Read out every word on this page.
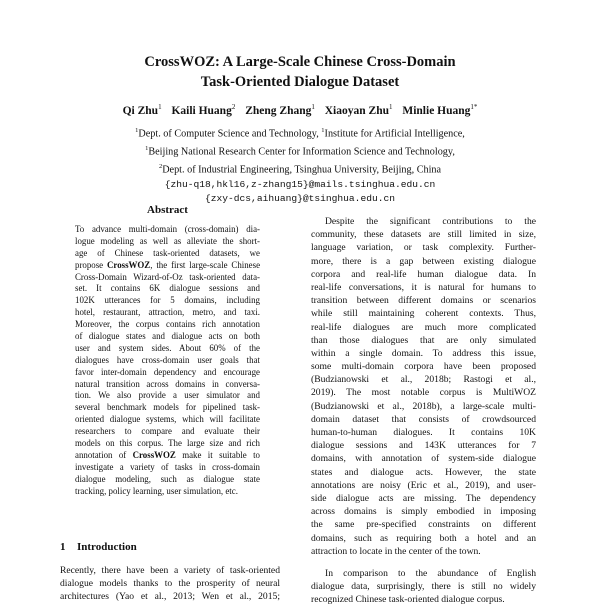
CrossWOZ: A Large-Scale Chinese Cross-Domain
Task-Oriented Dialogue Dataset
Qi Zhu$^1$ Kaili Huang$^2$ Zheng Zhang$^1$ Xiaoyan Zhu$^1$ Minlie Huang$^{1*}$
$^1$Dept. of Computer Science and Technology, $^1$Institute for Artificial Intelligence,
$^1$Beijing National Research Center for Information Science and Technology,
$^2$Dept. of Industrial Engineering, Tsinghua University, Beijing, China
{zhu-q18,hkl16,z-zhang15}@mails.tsinghua.edu.cn
{zxy-dcs,aihuang}@tsinghua.edu.cn
Abstract
To advance multi-domain (cross-domain) dia-
logue modeling as well as alleviate the short-
age of Chinese task-oriented datasets, we
propose CrossWOZ, the first large-scale Chinese
Cross-Domain Wizard-of-Oz task-oriented data-
set. It contains 6K dialogue sessions and
102K utterances for 5 domains, including
hotel, restaurant, attraction, metro, and taxi.
Moreover, the corpus contains rich annotation
of dialogue states and dialogue acts on both
user and system sides. About 60% of the
dialogues have cross-domain user goals that
favor inter-domain dependency and encourage
natural transition across domains in conversa-
tion. We also provide a user simulator and
several benchmark models for pipelined task-
oriented dialogue systems, which will facilitate
researchers to compare and evaluate their
models on this corpus. The large size and rich
annotation of CrossWOZ make it suitable to
investigate a variety of tasks in cross-domain
dialogue modeling, such as dialogue state
tracking, policy learning, user simulation, etc.
1 Introduction
Recently, there have been a variety of task-oriented
dialogue models thanks to the prosperity of neural
architectures (Yao et al., 2013; Wen et al., 2015;

Despite the significant contributions to the
community, these datasets are still limited in size,
language variation, or task complexity. Further-
more, there is a gap between existing dialogue
corpora and real-life human dialogue data. In
real-life conversations, it is natural for humans to
transition between different domains or scenarios
while still maintaining coherent contexts. Thus,
real-life dialogues are much more complicated
than those dialogues that are only simulated
within a single domain. To address this issue,
some multi-domain corpora have been proposed
(Budzianowski et al., 2018b; Rastogi et al.,
2019). The most notable corpus is MultiWOZ
(Budzianowski et al., 2018b), a large-scale multi-
domain dataset that consists of crowdsourced
human-to-human dialogues. It contains 10K
dialogue sessions and 143K utterances for 7
domains, with annotation of system-side dialogue
states and dialogue acts. However, the state
annotations are noisy (Eric et al., 2019), and user-
side dialogue acts are missing. The dependency
across domains is simply embodied in imposing
the same pre-specified constraints on different
domains, such as requiring both a hotel and an
attraction to locate in the center of the town.

In comparison to the abundance of English
dialogue data, surprisingly, there is still no widely
recognized Chinese task-oriented dialogue corpus.
